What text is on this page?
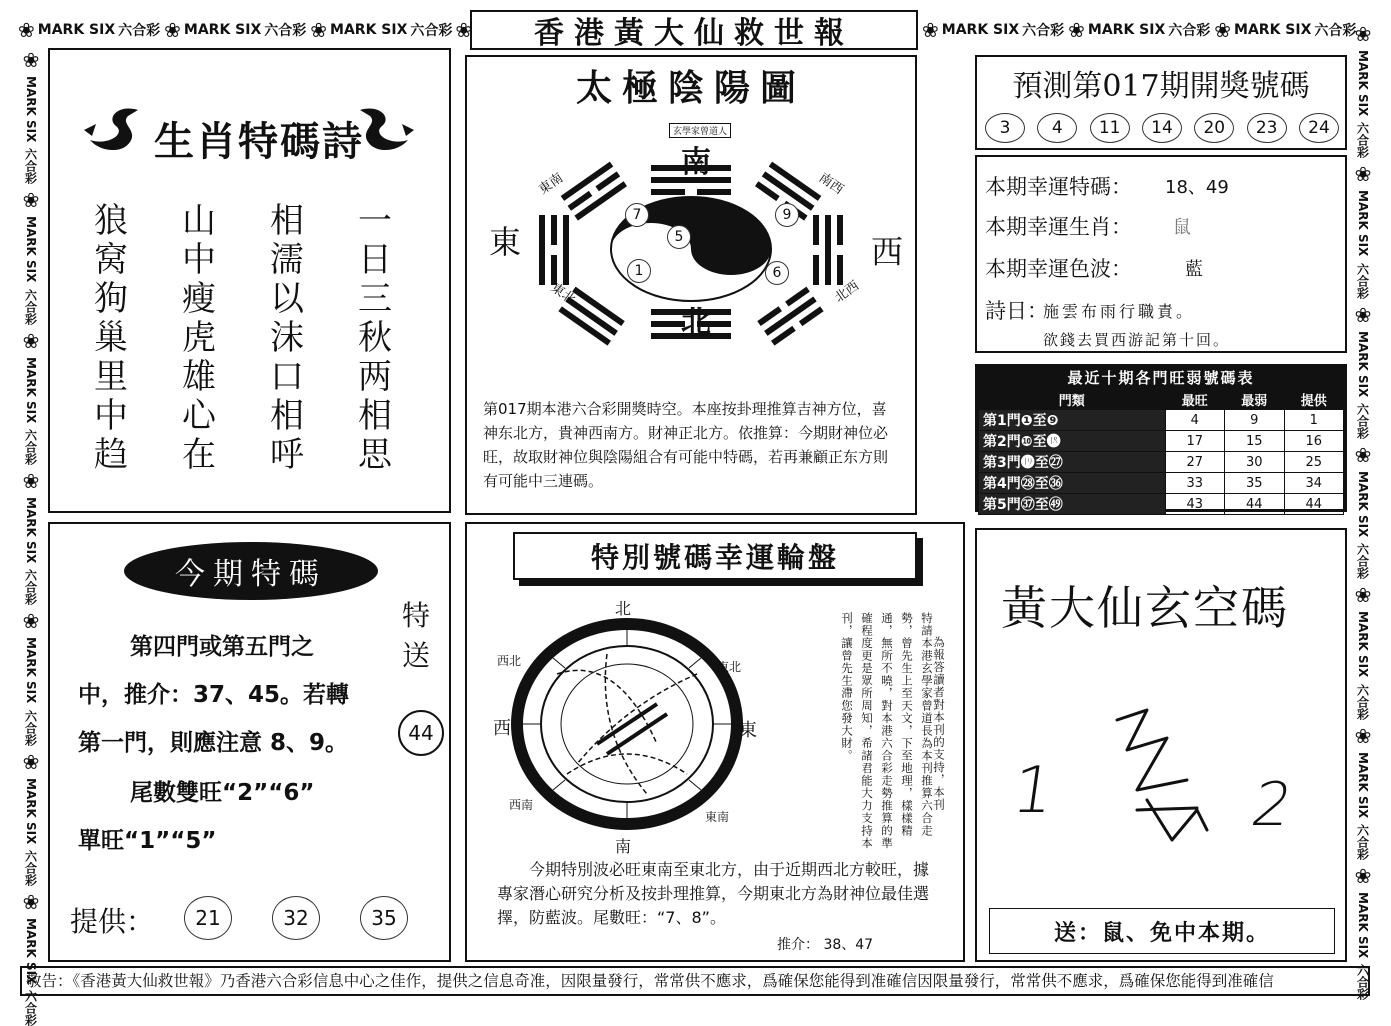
❀ MARK SIX 六合彩 ❀ MARK SIX 六合彩 ❀ MARK SIX 六合彩 ❀ 香港黃大仙救世報	❀ MARK SIX 六合彩 ❀ MARK SIX 六合彩 ❀ MARK SIX 六合彩
❀
MARK SIX
六合彩
❀
MARK SIX
六合彩
❀
MARK SIX
六合彩
❀
MARK SIX
六合彩
❀
MARK SIX
六合彩
❀
MARK SIX
六合彩
❀
MARK SIX
六合彩
❀
MARK SIX
六合彩
❀
MARK SIX
六合彩
❀
MARK SIX
六合彩
❀
MARK SIX
六合彩
❀
MARK SIX
六合彩
❀
MARK SIX
六合彩
❀
MARK SIX
六合彩
生肖特碼詩
狼
窝
狗
巢
里
中
趋
山
中
瘦
虎
雄
心
在
相
濡
以
沫
口
相
呼
一
日
三
秋
两
相
思
太極陰陽圖
玄學家曾道人
7
5
2
9
1	6
南
北
東	西
東南	南西
東北	北西
第017期本港六合彩開獎時空。本座按卦理推算吉神方位，喜神东北方，貴神西南方。財神正北方。依推算：今期財神位必旺，故取財神位與陰陽組合有可能中特碼，若再兼顧正东方則有可能中三連碼。
預測第017期開獎號碼
3	4	11	14	20	23	24
本期幸運特碼： 18、49
本期幸運生肖： 鼠
本期幸運色波：	藍
詩日：
施雲布雨行職責。
欲錢去買西游記第十回。
最近十期各門旺弱號碼表
門類	最旺	最弱	提供
第1門❶至❾	4	9	1
第2門❿至⓲	17	15	16
第3門⓳至㉗	27	30	25
第4門㉘至㊱	33	35	34
第5門㊲至㊾	43	44	44
今期特碼
特送
44
第四門或第五門之
中，推介：37、45。若轉
第一門，則應注意 8、9。
尾數雙旺“2”“6”
單旺“1”“5”
提供：	21	32	35
特別號碼幸運輪盤
北
南
西	東
西北	東北
西南
東南	特請本港玄學家曾道長為本刊推算六合走勢，曾先生上至天文，下至地理，樣樣精通，無所不曉，對本港六合彩走勢推算的準確程度更是眾所周知，希諸君能大力支持本刊，讓曾先生滯您發大財。	為報答讀者對本刊的支持，本刊
今期特別波必旺東南至東北方，由于近期西北方較旺，據專家潛心研究分析及按卦理推算，今期東北方為財神位最佳選擇，防藍波。尾數旺：“7、8”。
推介： 38、47
黃大仙玄空碼
1	2
送：鼠、免中本期。
敬告：《香港黃大仙救世報》乃香港六合彩信息中心之佳作，提供之信息奇准，因限量發行，常常供不應求，爲確保您能得到准確信因限量發行，常常供不應求，爲確保您能得到准確信
